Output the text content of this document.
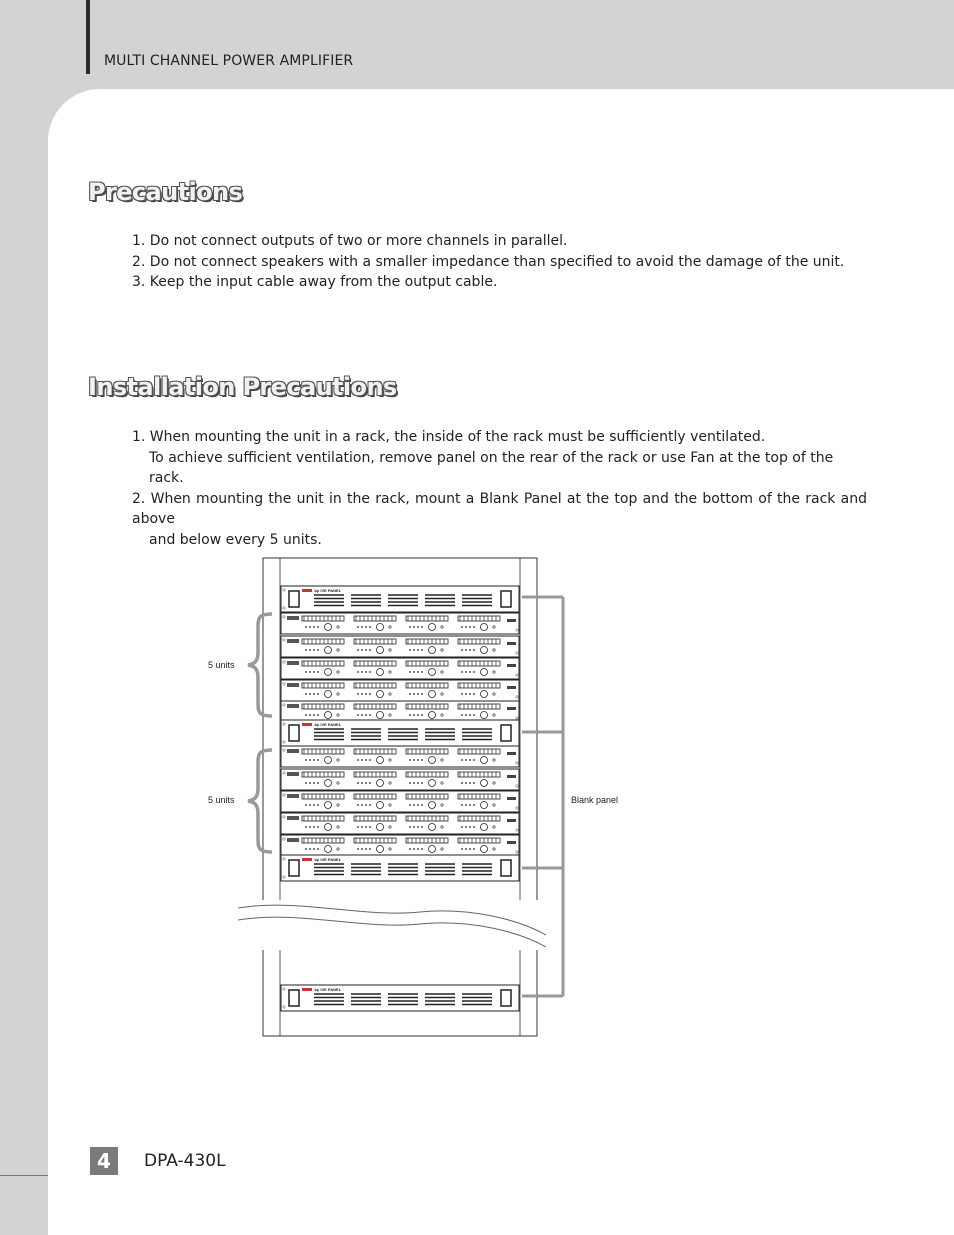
MULTI CHANNEL POWER AMPLIFIER
Precautions
1. Do not connect outputs of two or more channels in parallel.
2. Do not connect speakers with a smaller impedance than specified to avoid the damage of the unit.
3. Keep the input cable away from the output cable.
Installation Precautions
1. When mounting the unit in a rack, the inside of the rack must be sufficiently ventilated.
To achieve sufficient ventilation, remove panel on the rear of the rack or use Fan at the top of the rack.
2. When mounting the unit in the rack, mount a Blank Panel at the top and the bottom of the rack and above
and below every 5 units.
1ψ IVE PANEL
1ψ IVE PANEL
1ψ IVE PANEL
1ψ IVE PANEL
5 units
5 units	Blank panel
4	DPA-430L
